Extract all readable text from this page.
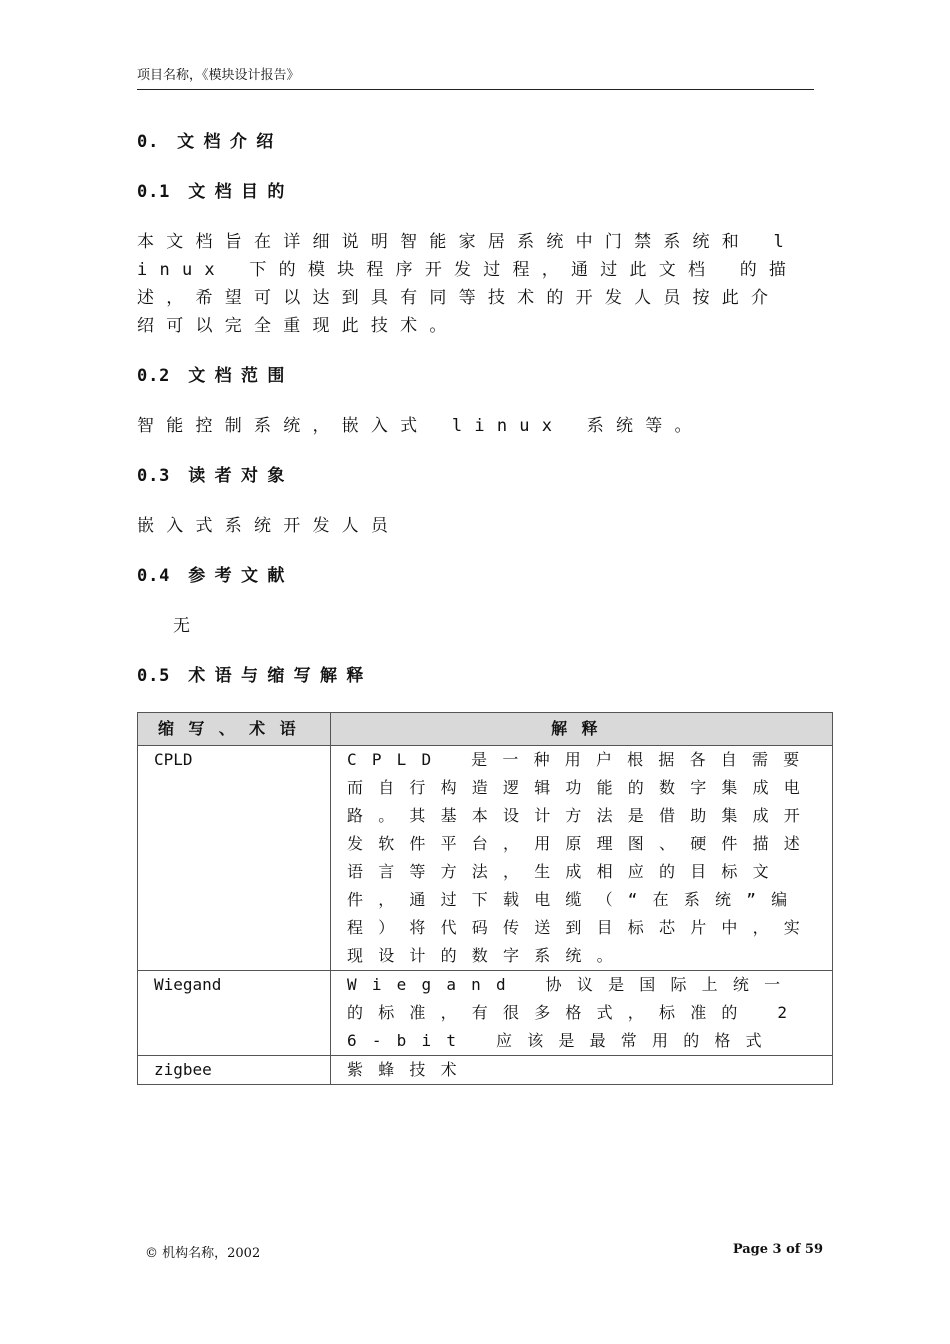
项目名称，《模块设计报告》
0. 文档介绍
0.1 文档目的

本文档旨在详细说明智能家居系统中门禁系统和 linux 下的模块程序开发过程，通过此文档 的描述，希望可以达到具有同等技术的开发人员按此介绍可以完全重现此技术。

0.2 文档范围

智能控制系统，嵌入式 linux 系统等。

0.3 读者对象

嵌入式系统开发人员

0.4 参考文献

无

0.5 术语与缩写解释
缩写、术语	解释
CPLD	CPLD 是一种用户根据各自需要而自行构造逻辑功能的数字集成电路。其基本设计方法是借助集成开发软件平台，用原理图、硬件描述语言等方法，生成相应的目标文件，通过下载电缆（“在系统”编程）将代码传送到目标芯片中，实现设计的数字系统。
Wiegand	Wiegand 协议是国际上统一的标准，有很多格式，标准的 26-bit 应该是最常用的格式
zigbee	紫蜂技术
© 机构名称，2002	Page 3 of 59
